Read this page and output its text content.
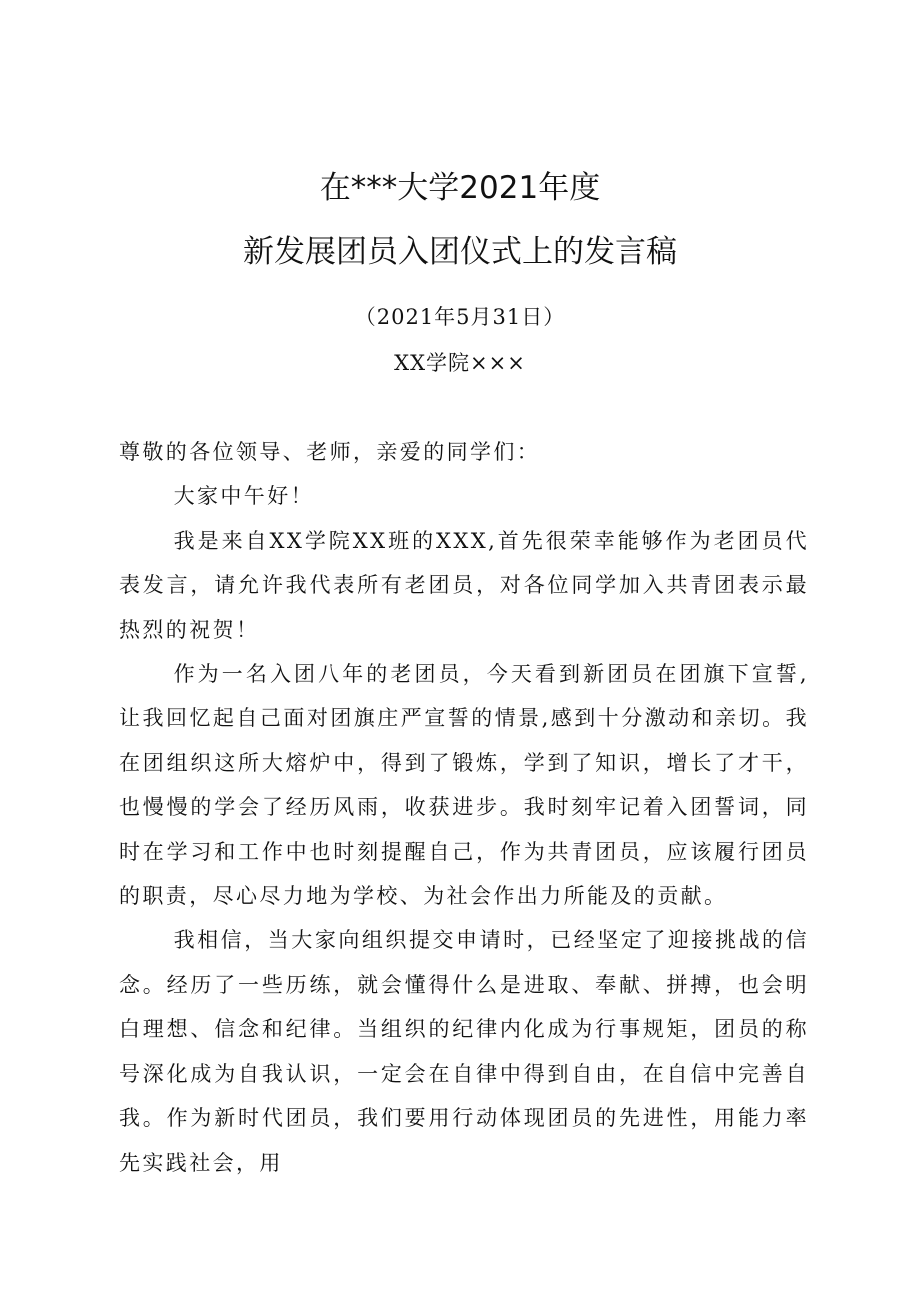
在***大学2021年度
新发展团员入团仪式上的发言稿
（2021年5月31日）
XX学院×××

尊敬的各位领导、老师，亲爱的同学们：

大家中午好！

我是来自XX学院XX班的XXX,首先很荣幸能够作为老团员代表发言，请允许我代表所有老团员，对各位同学加入共青团表示最热烈的祝贺！

作为一名入团八年的老团员，今天看到新团员在团旗下宣誓,让我回忆起自己面对团旗庄严宣誓的情景,感到十分激动和亲切。我在团组织这所大熔炉中，得到了锻炼，学到了知识，增长了才干，也慢慢的学会了经历风雨，收获进步。我时刻牢记着入团誓词，同时在学习和工作中也时刻提醒自己，作为共青团员，应该履行团员的职责，尽心尽力地为学校、为社会作出力所能及的贡献。

我相信，当大家向组织提交申请时，已经坚定了迎接挑战的信念。经历了一些历练，就会懂得什么是进取、奉献、拼搏，也会明白理想、信念和纪律。当组织的纪律内化成为行事规矩，团员的称号深化成为自我认识，一定会在自律中得到自由，在自信中完善自我。作为新时代团员，我们要用行动体现团员的先进性，用能力率先实践社会，用
